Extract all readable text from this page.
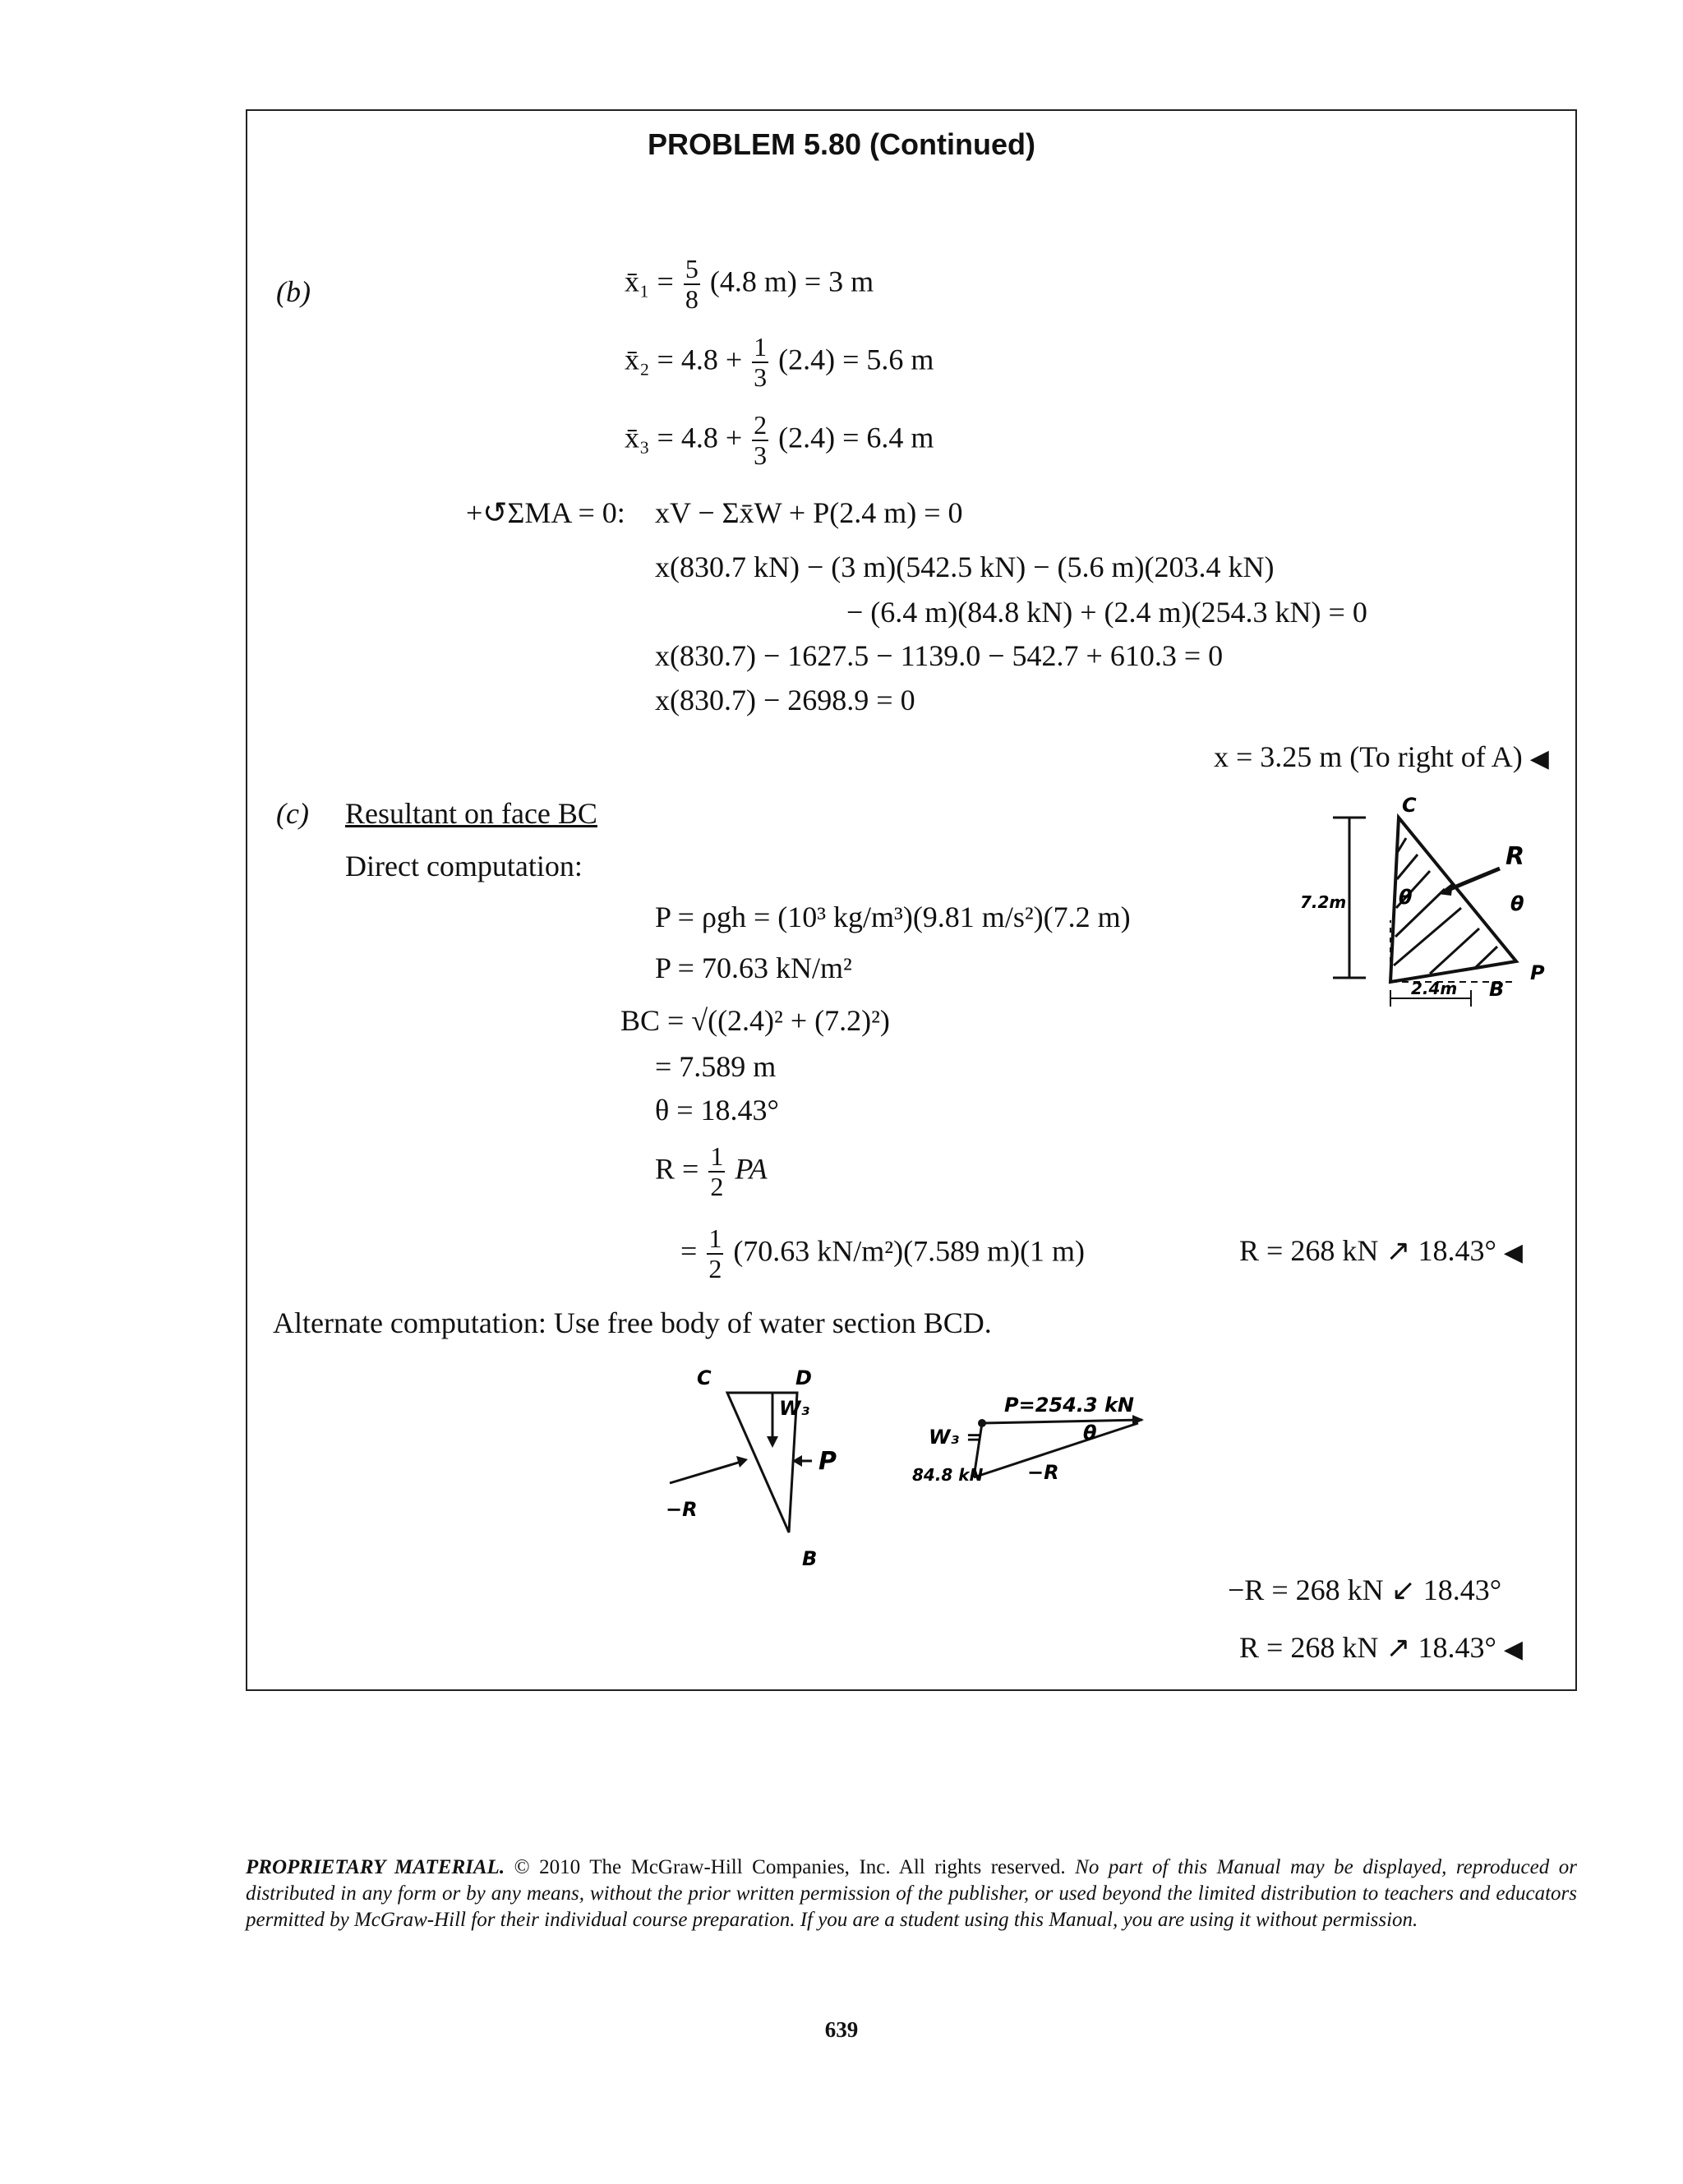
PROBLEM 5.80 (Continued)
(b)	x̄₁ = $\frac{5}{8} (4.8$ m) = 3 m
x̄₂ = $4.8 + \frac{1}{3} (2.4) = 5.6$ m
x̄₃ = $4.8 + \frac{2}{3} (2.4) = 6.4$ m
+↺ΣMA = 0: xV − Σx̄W + P(2.4 m) = 0
x(830.7 kN) − (3 m)(542.5 kN) − (5.6 m)(203.4 kN)
− (6.4 m)(84.8 kN) + (2.4 m)(254.3 kN) = 0
x(830.7) − 1627.5 − 1139.0 − 542.7 + 610.3 = 0
x(830.7) − 2698.9 = 0
x = 3.25 m (To right of A) ◀
(c) Resultant on face BC
Direct computation:
P = ρgh = (10³ kg/m³)(9.81 m/s²)(7.2 m)
P = 70.63 kN/m²
BC = √((2.4)² + (7.2)²)
= 7.589 m
θ = 18.43°
$R = \frac{1}{2}$ PA
= $\frac{1}{2} (70.63$ kN/m²)(7.589 m)(1 m)	R = 268 kN ↗ 18.43° ◀
Alternate computation: Use free body of water section BCD.
−R = 268 kN ↙ 18.43°
R = 268 kN ↗ 18.43° ◀
C
7.2m	θ
R
θ
P
B
2.4m
C	D
W₃
P
−R
B
P=254.3 kN
W₃ =
84.8 kN
θ
−R
PROPRIETARY MATERIAL. © 2010 The McGraw-Hill Companies, Inc. All rights reserved. No part of this Manual may be displayed, reproduced or distributed in any form or by any means, without the prior written permission of the publisher, or used beyond the limited distribution to teachers and educators permitted by McGraw-Hill for their individual course preparation. If you are a student using this Manual, you are using it without permission.
639
